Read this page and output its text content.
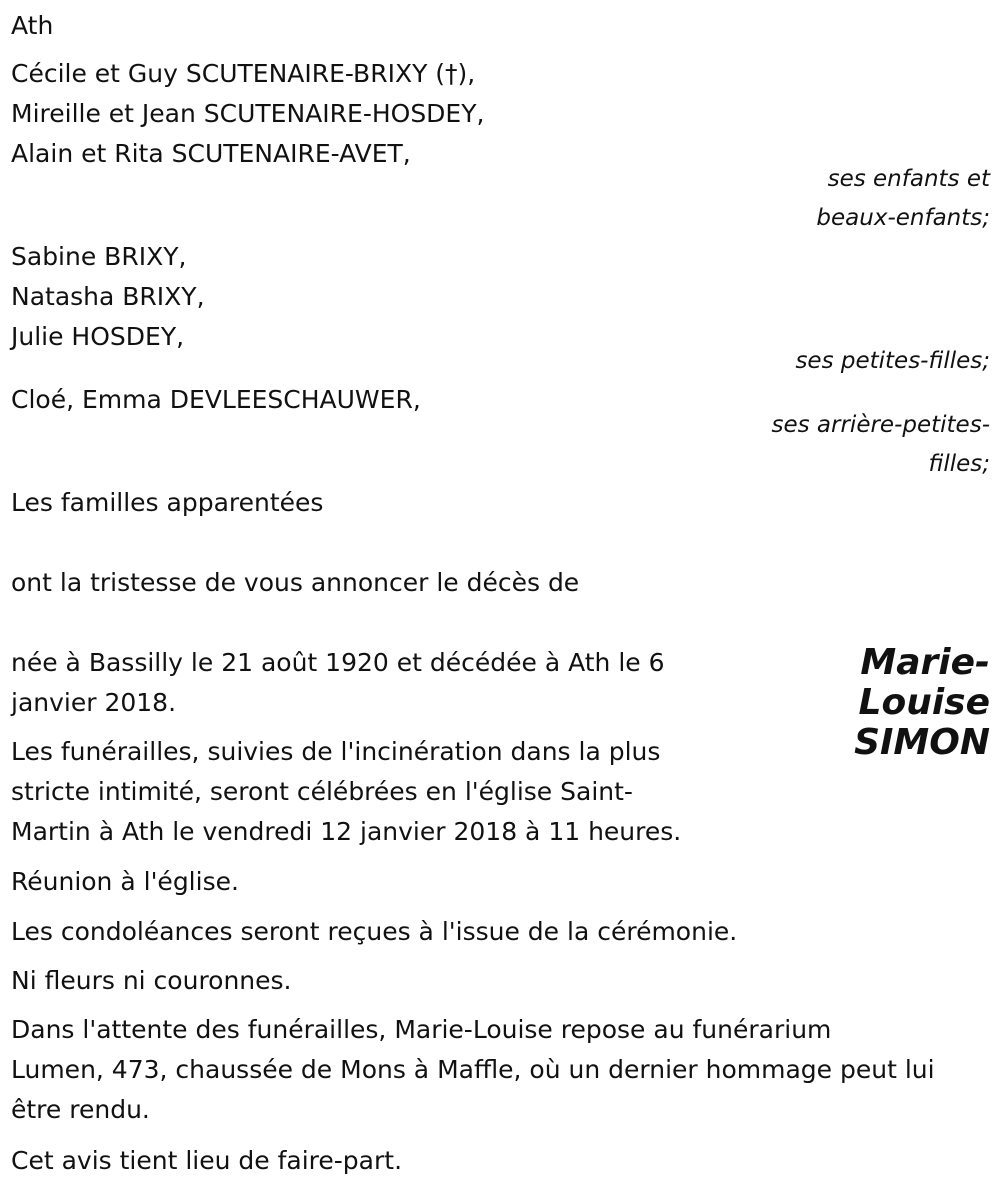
Ath
Cécile et Guy SCUTENAIRE-BRIXY (†),
Mireille et Jean SCUTENAIRE-HOSDEY,
Alain et Rita SCUTENAIRE-AVET,
ses enfants et
beaux-enfants;
Sabine BRIXY,
Natasha BRIXY,
Julie HOSDEY,
ses petites-filles;
Cloé, Emma DEVLEESCHAUWER,
ses arrière-petites-
filles;
Les familles apparentées
ont la tristesse de vous annoncer le décès de
Marie-
Louise
SIMON
née à Bassilly le 21 août 1920 et décédée à Ath le 6
janvier 2018.
Les funérailles, suivies de l'incinération dans la plus
stricte intimité, seront célébrées en l'église Saint-
Martin à Ath le vendredi 12 janvier 2018 à 11 heures.
Réunion à l'église.
Les condoléances seront reçues à l'issue de la cérémonie.
Ni fleurs ni couronnes.
Dans l'attente des funérailles, Marie-Louise repose au funérarium
Lumen, 473, chaussée de Mons à Maffle, où un dernier hommage peut lui
être rendu.
Cet avis tient lieu de faire-part.
